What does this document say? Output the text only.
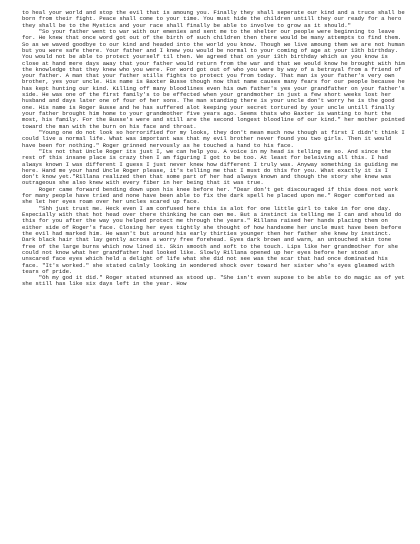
to heal your world and stop the evil that is amoung you. Finally they shall seperate our kind and a truce shall be born from their fight. Peace shall come to your time. You must hide the children untill they our ready for a hero they shall be to the Mystics and your race shall finally be able to involve to grow as it should."

"So your father went to war with our emenies and sent me to the shelter our people were beginning to leave for. He knew that once word got out of the birth of such children then there would be many attempts to find them. So as we waved goodbye to our kind and headed into the world you know. Though we live amoung them we are not human but you were safe there. Your father and I knew you would be normal to your coming of age at your 13th birthday. You would not be able to protect yourself til then. We agreed that on your 13th birthday which as you know is close at hand mere days away that your father would return from the war and that we would know he brought with him the knowledge that they knew who you were. For word got out of who you were by way of a betrayal from a friend of your father. A man that your father stills fights to protect you from today. That man is your father's very own brother, yes your uncle. His name is Baxter Busse though now that name causes many fears for our people because he has kept hunting our kind. Killing off many bloodlines even his own father's yes your grandfather on your father's side. He was one of the first family's to be effected when your grandmother in just a few short weeks lost her husband and days later one of four of her sons. The man standing there is your uncle don't worry he is the good one. His name is Roger Busse and he has suffered alot keeping your secret tortured by your uncle untill finally your father brought him home to your grandmother five years ago. Seems thats who Baxter is wanting to hurt the most, his family. For the Busse's were and still are the second longest bloodline of our kind." her mother pointed toward the man with the burn on his face and throat.

"Young one do not look so horrorified for my looks, they don't mean much now though at first I didn't think I could live a normal life. What was important was that my evil brother never found you two girls. Then it would have been for nothing." Roger grinned nervously as he touched a hand to his face.

"Its not that Uncle Roger its just I, we can help you. A voice in my head is telling me so. And since the rest of this insane place is crazy then I am figuring I got to be too. At least for beleiving all this. I had always known I was different I guess I just never knew how different I truly was. Anyway something is guiding me here. Hand me your hand Uncle Roger please, it's telling me that I must do this for you. What exactly it is I don't know yet."Rillana realized then that some part of her had always known and though the story she knew was outrageous she also knew with every fiber in her being that it was true.

Roger came forward bending down upon his knee before her. "Dear don't get discouraged if this does not work for many people have tried and none have been able to fix the dark spell he placed upon me." Roger comforted as she let her eyes roam over her uncles scared up face.

"Shh just trust me. Heck even I am confused here this is alot for one little girl to take in for one day. Especially with that hot head over there thinking he can own me. But a instinct is telling me I can and should do this for you after the way you helped protect me through the years." Rillana raised her hands placing them on either side of Roger's face. Closing her eyes tightly she thought of how handsome her uncle must have been before the evil had marked him. He wasn't but around his early thirties younger then her father she knew by instinct. Dark black hair that lay gently across a worry free forehead. Eyes dark brown and warm, an untouched skin tone free of the large burns which now lined it. Skin smooth and soft to the touch. Lips like her grandmother for she could not know what her grandfather had looked like. Slowly Rillana opened up her eyes before her stood an unscared face eyes which held a delight of life what she did not see was the scar that had once dominated his face. "It's worked." she stated calmly looking in wondered shock over toward her sister who's eyes gleamed with tears of pride.

"Oh my god it did." Roger stated stunned as stood up. "She isn't even supose to be able to do magic as of yet she still has like six days left in the year. How
